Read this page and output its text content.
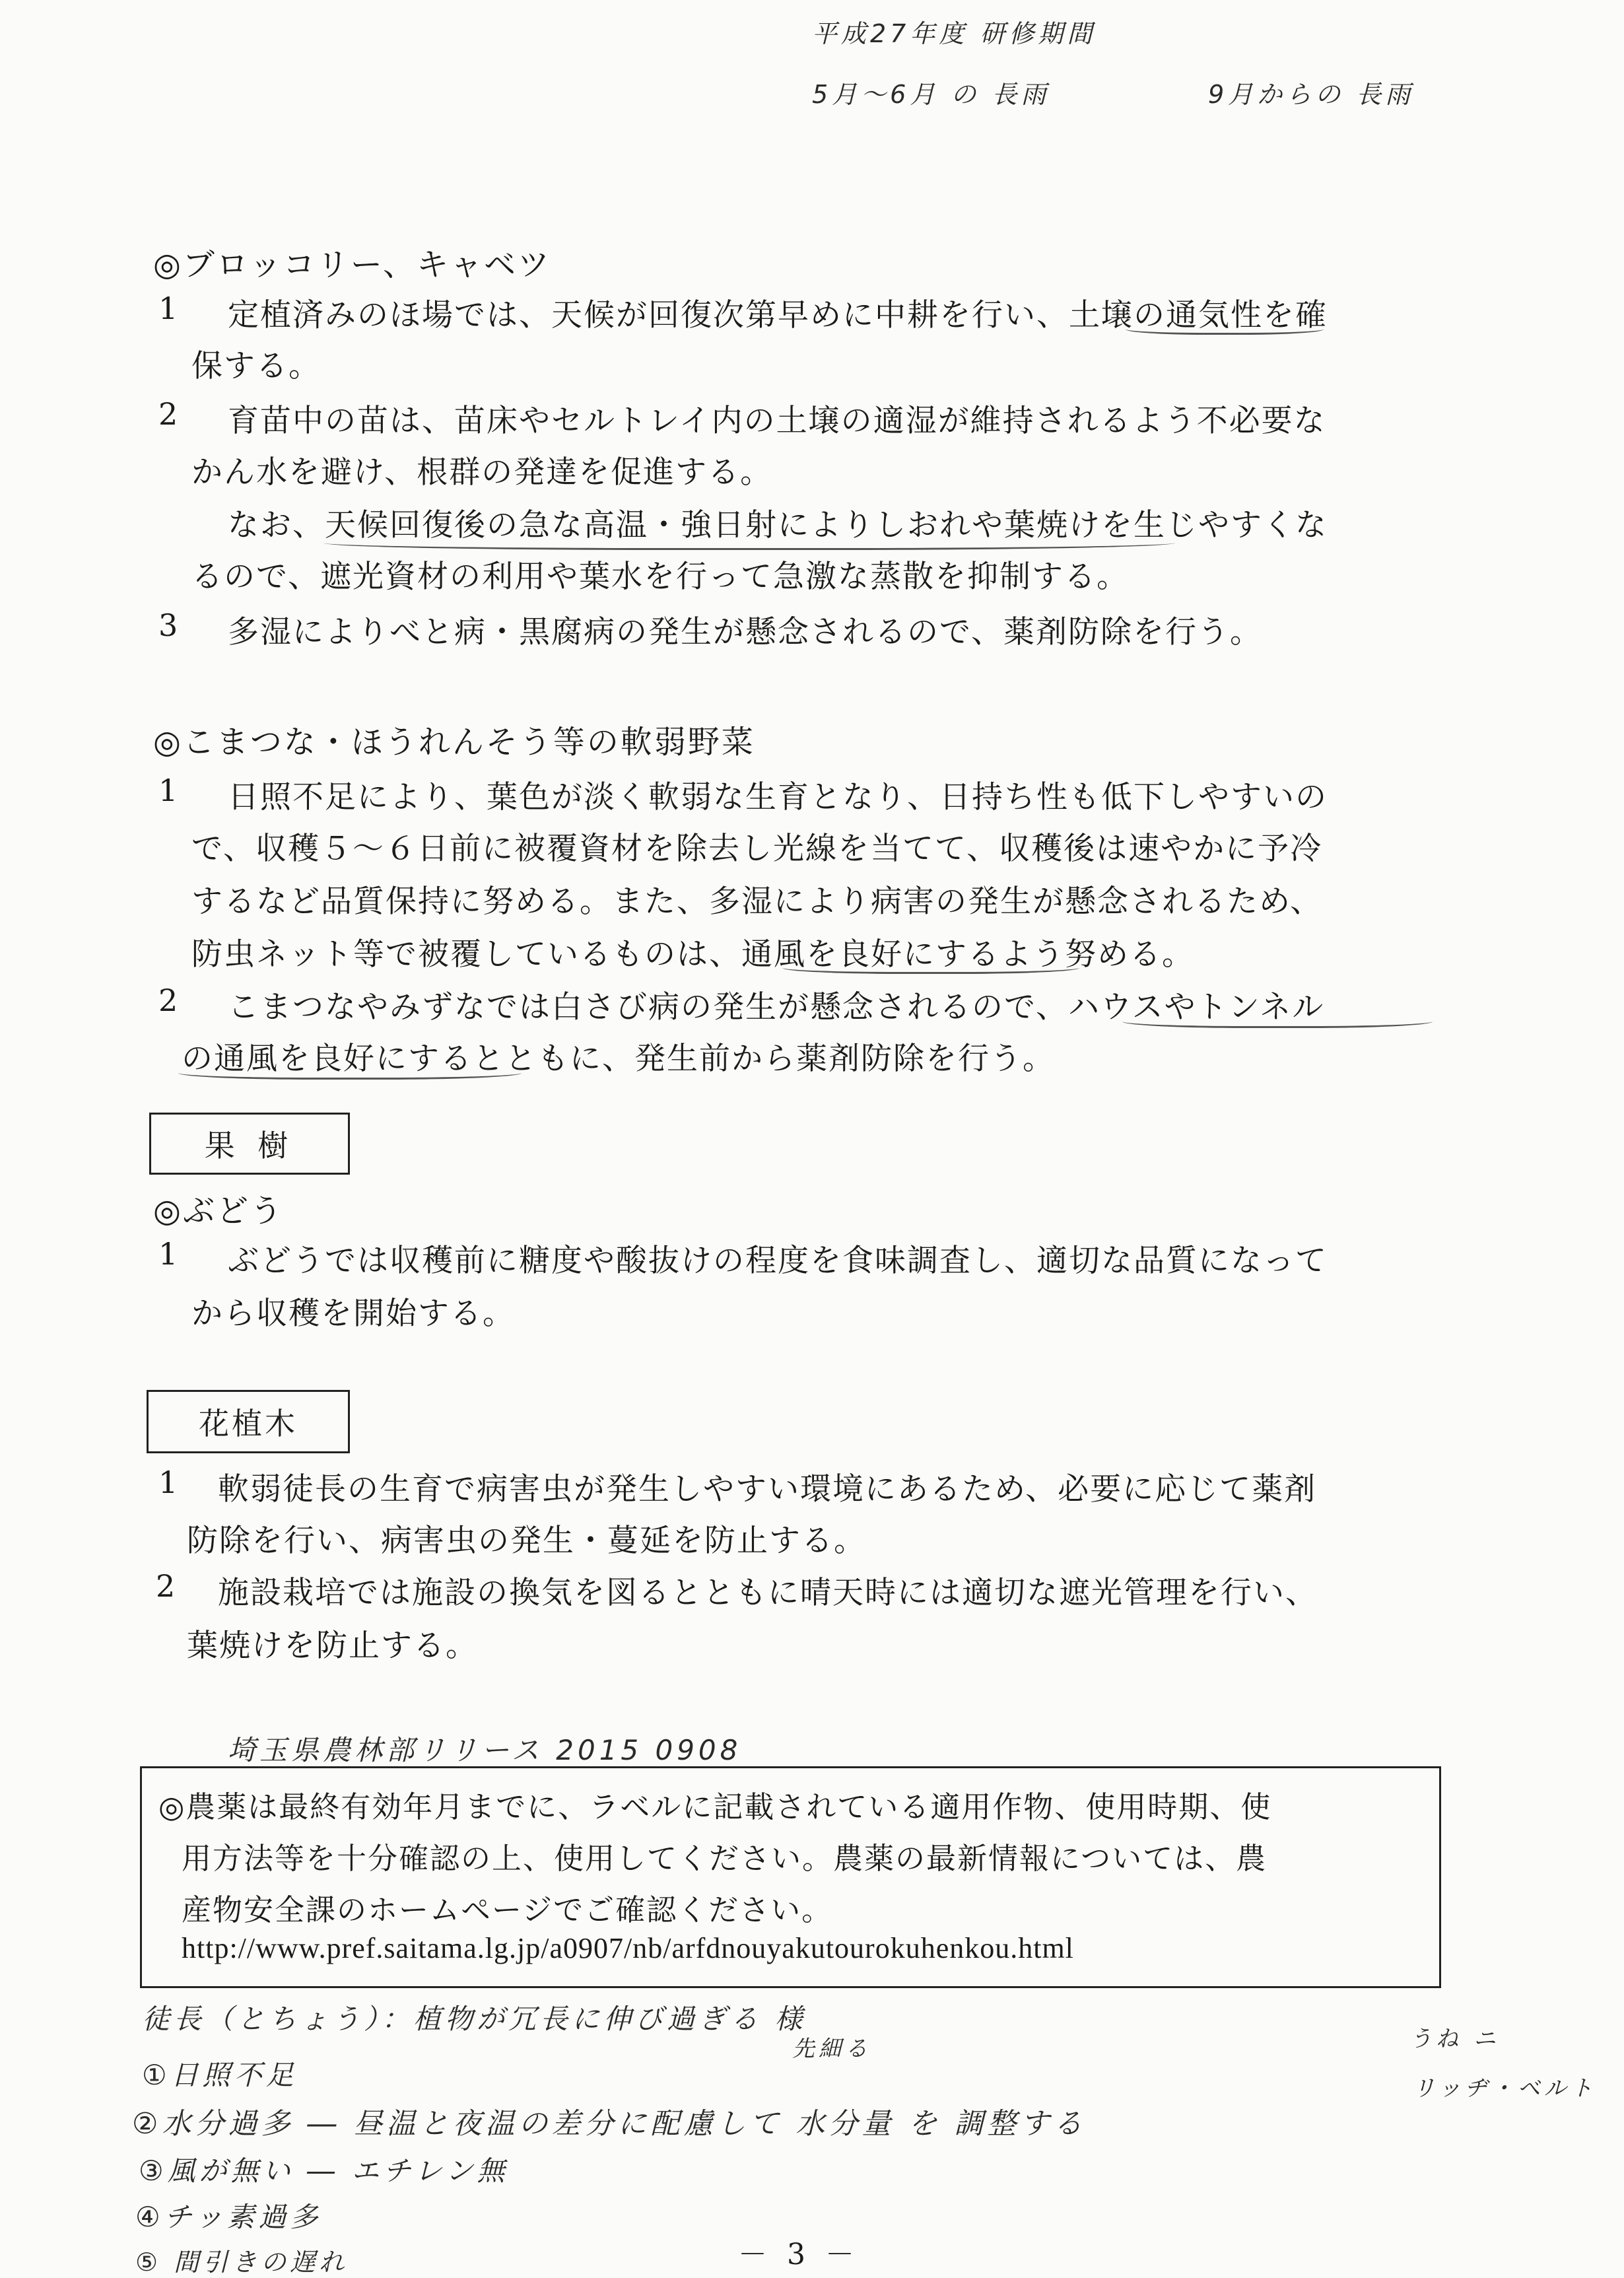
平成27年度 研修期間
5月〜6月 の 長雨	9月からの 長雨
◎ブロッコリー、キャベツ
1 定植済みのほ場では、天候が回復次第早めに中耕を行い、土壌の通気性を確
保する。
2 育苗中の苗は、苗床やセルトレイ内の土壌の適湿が維持されるよう不必要な
かん水を避け、根群の発達を促進する。
なお、天候回復後の急な高温・強日射によりしおれや葉焼けを生じやすくな
るので、遮光資材の利用や葉水を行って急激な蒸散を抑制する。
3 多湿によりべと病・黒腐病の発生が懸念されるので、薬剤防除を行う。
◎こまつな・ほうれんそう等の軟弱野菜
1 日照不足により、葉色が淡く軟弱な生育となり、日持ち性も低下しやすいの
で、収穫５〜６日前に被覆資材を除去し光線を当てて、収穫後は速やかに予冷
するなど品質保持に努める。また、多湿により病害の発生が懸念されるため、
防虫ネット等で被覆しているものは、通風を良好にするよう努める。
2 こまつなやみずなでは白さび病の発生が懸念されるので、ハウスやトンネル
の通風を良好にするとともに、発生前から薬剤防除を行う。
果 樹
◎ぶどう
1 ぶどうでは収穫前に糖度や酸抜けの程度を食味調査し、適切な品質になって
から収穫を開始する。
花植木
1 軟弱徒長の生育で病害虫が発生しやすい環境にあるため、必要に応じて薬剤
防除を行い、病害虫の発生・蔓延を防止する。
2 施設栽培では施設の換気を図るとともに晴天時には適切な遮光管理を行い、
葉焼けを防止する。
埼玉県農林部リリース 2015 0908
◎農薬は最終有効年月までに、ラベルに記載されている適用作物、使用時期、使
用方法等を十分確認の上、使用してください。農薬の最新情報については、農
産物安全課のホームページでご確認ください。
http://www.pref.saitama.lg.jp/a0907/nb/arfdnouyakutourokuhenkou.html
徒長（とちょう）：植物が冗長に伸び過ぎる 様
先細る
①日照不足
②水分過多 ― 昼温と夜温の差分に配慮して 水分量 を 調整する
③風が無い ― エチレン無
④チッ素過多
⑤ 間引きの遅れ
うね ニ
リッヂ・ベルト
－ 3 －
